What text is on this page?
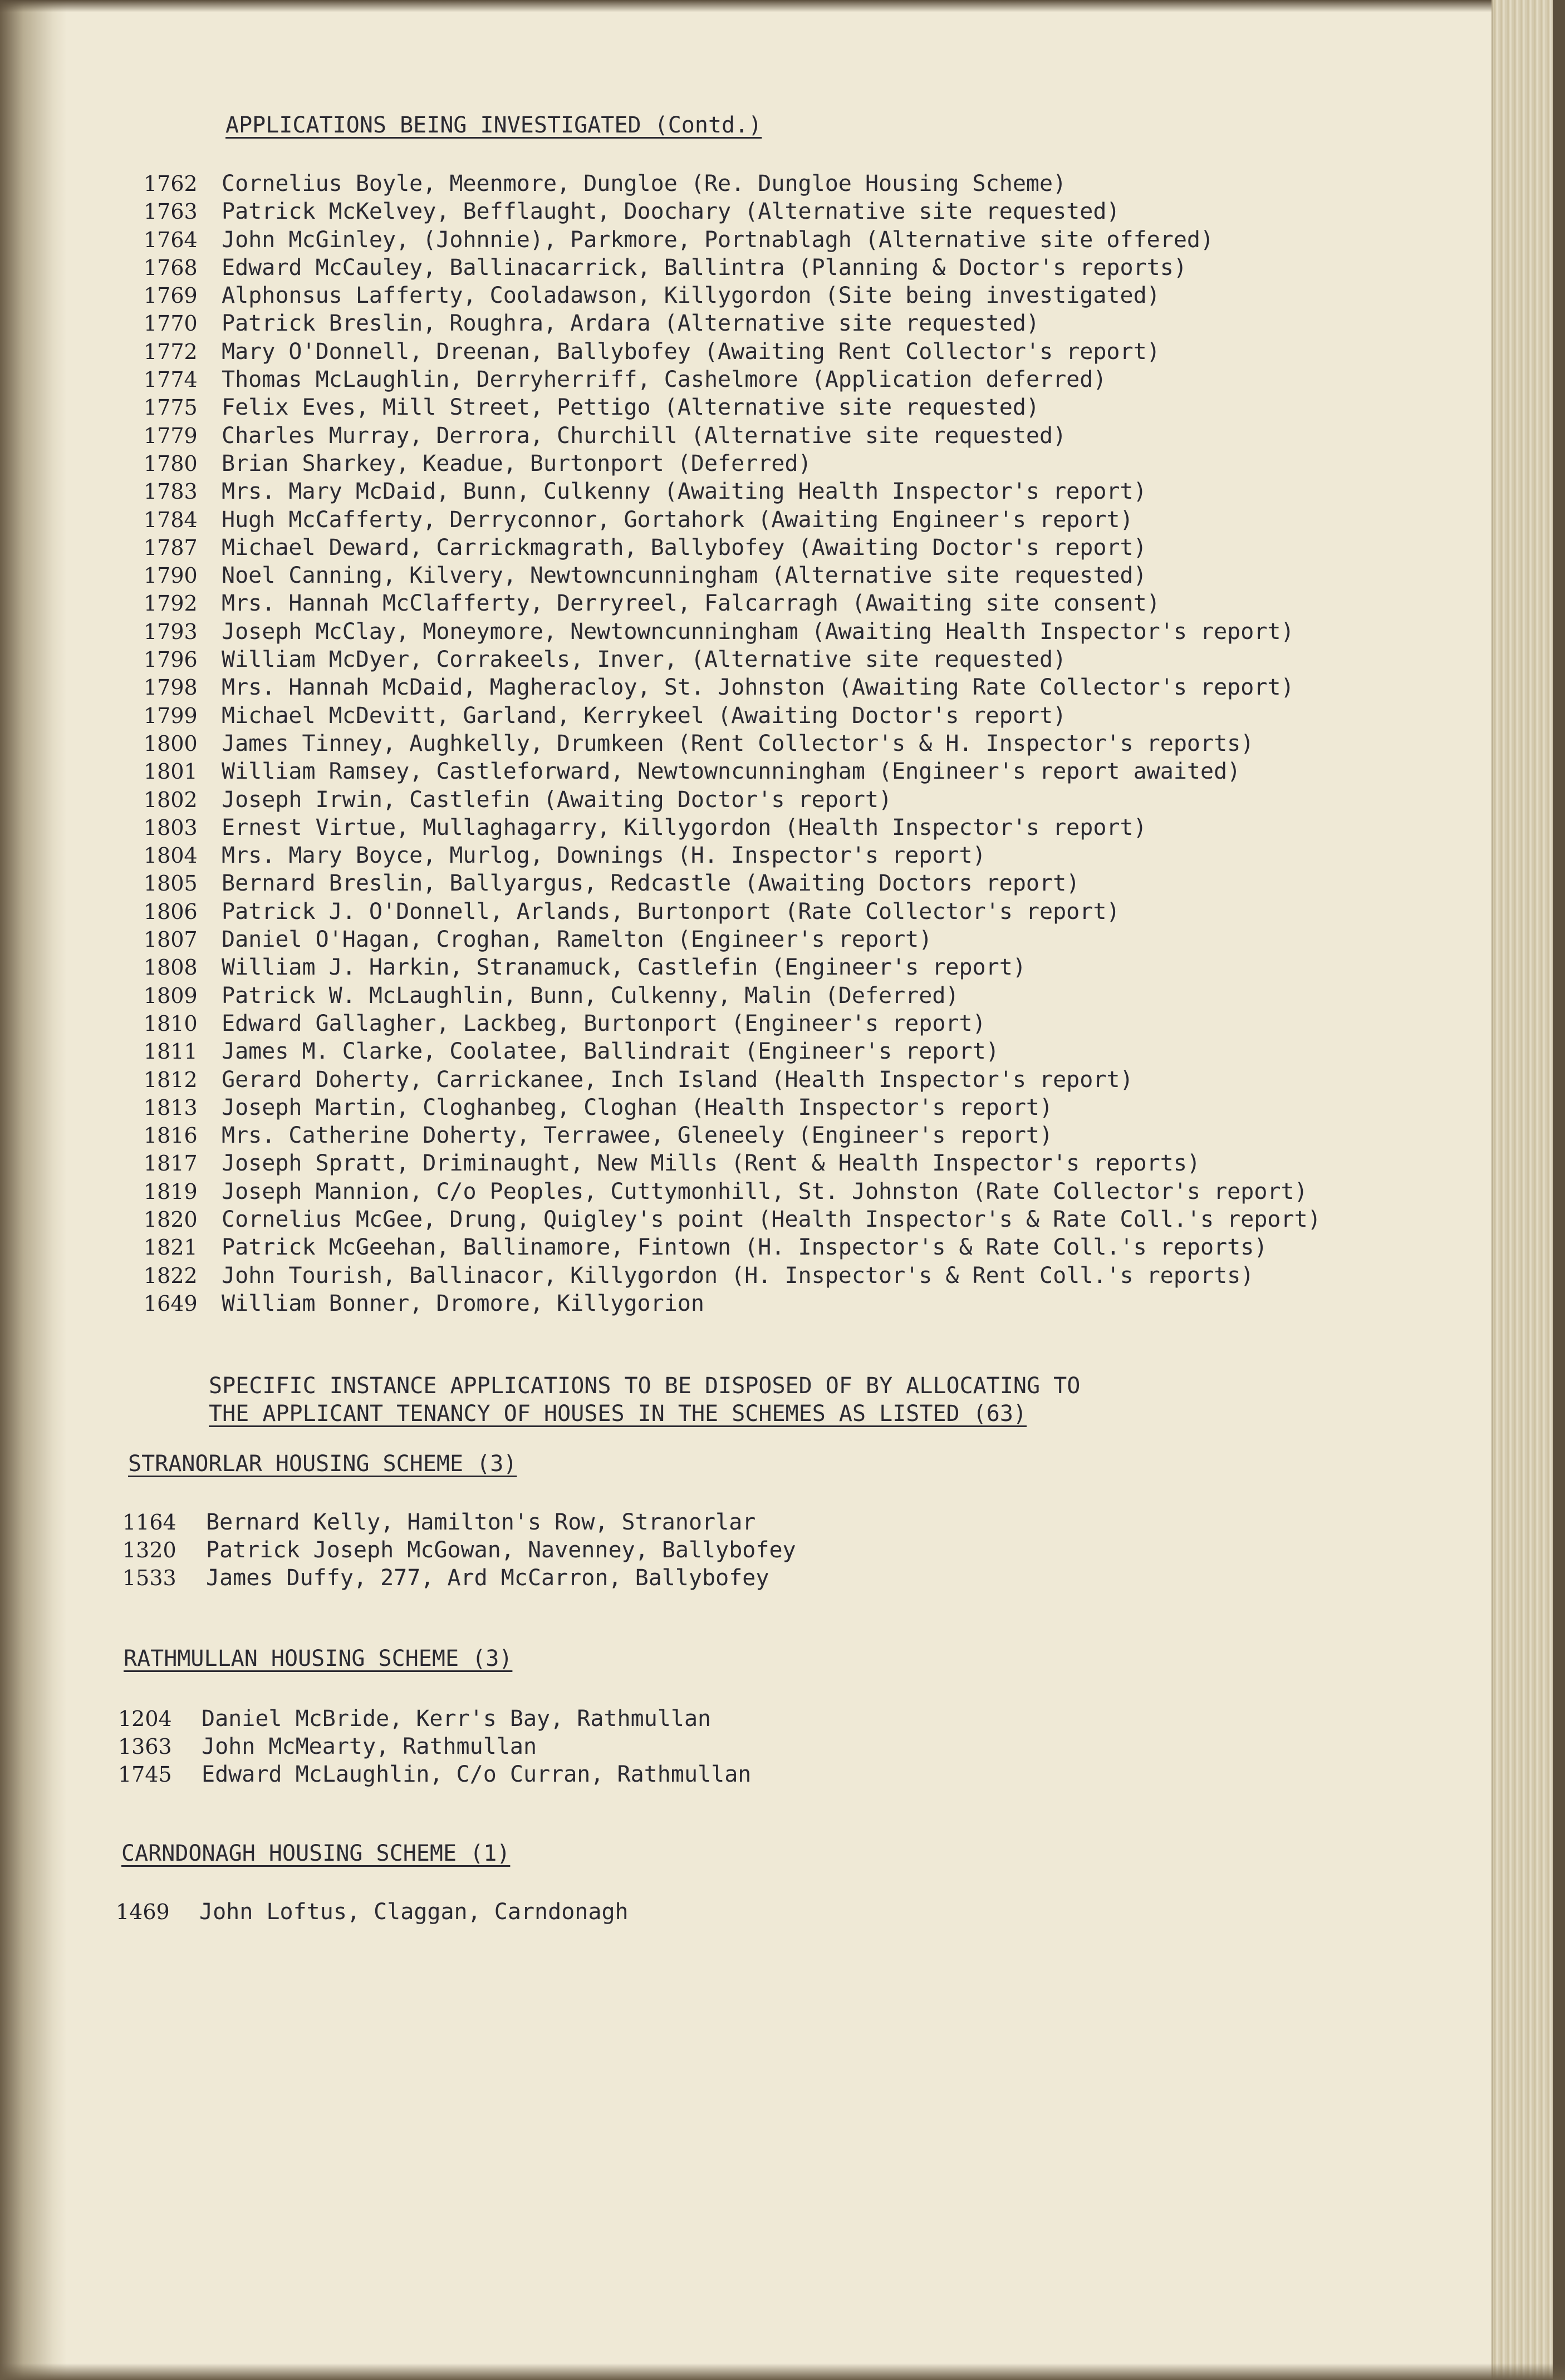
APPLICATIONS BEING INVESTIGATED (Contd.)
1762 Cornelius Boyle, Meenmore, Dungloe (Re. Dungloe Housing Scheme)
1763 Patrick McKelvey, Befflaught, Doochary (Alternative site requested)
1764 John McGinley, (Johnnie), Parkmore, Portnablagh (Alternative site offered)
1768 Edward McCauley, Ballinacarrick, Ballintra (Planning & Doctor's reports)
1769 Alphonsus Lafferty, Cooladawson, Killygordon (Site being investigated)
1770 Patrick Breslin, Roughra, Ardara (Alternative site requested)
1772 Mary O'Donnell, Dreenan, Ballybofey (Awaiting Rent Collector's report)
1774 Thomas McLaughlin, Derryherriff, Cashelmore (Application deferred)
1775 Felix Eves, Mill Street, Pettigo (Alternative site requested)
1779 Charles Murray, Derrora, Churchill (Alternative site requested)
1780 Brian Sharkey, Keadue, Burtonport (Deferred)
1783 Mrs. Mary McDaid, Bunn, Culkenny (Awaiting Health Inspector's report)
1784 Hugh McCafferty, Derryconnor, Gortahork (Awaiting Engineer's report)
1787 Michael Deward, Carrickmagrath, Ballybofey (Awaiting Doctor's report)
1790 Noel Canning, Kilvery, Newtowncunningham (Alternative site requested)
1792 Mrs. Hannah McClafferty, Derryreel, Falcarragh (Awaiting site consent)
1793 Joseph McClay, Moneymore, Newtowncunningham (Awaiting Health Inspector's report)
1796 William McDyer, Corrakeels, Inver, (Alternative site requested)
1798 Mrs. Hannah McDaid, Magheracloy, St. Johnston (Awaiting Rate Collector's report)
1799 Michael McDevitt, Garland, Kerrykeel (Awaiting Doctor's report)
1800 James Tinney, Aughkelly, Drumkeen (Rent Collector's & H. Inspector's reports)
1801 William Ramsey, Castleforward, Newtowncunningham (Engineer's report awaited)
1802 Joseph Irwin, Castlefin (Awaiting Doctor's report)
1803 Ernest Virtue, Mullaghagarry, Killygordon (Health Inspector's report)
1804 Mrs. Mary Boyce, Murlog, Downings (H. Inspector's report)
1805 Bernard Breslin, Ballyargus, Redcastle (Awaiting Doctors report)
1806 Patrick J. O'Donnell, Arlands, Burtonport (Rate Collector's report)
1807 Daniel O'Hagan, Croghan, Ramelton (Engineer's report)
1808 William J. Harkin, Stranamuck, Castlefin (Engineer's report)
1809 Patrick W. McLaughlin, Bunn, Culkenny, Malin (Deferred)
1810 Edward Gallagher, Lackbeg, Burtonport (Engineer's report)
1811 James M. Clarke, Coolatee, Ballindrait (Engineer's report)
1812 Gerard Doherty, Carrickanee, Inch Island (Health Inspector's report)
1813 Joseph Martin, Cloghanbeg, Cloghan (Health Inspector's report)
1816 Mrs. Catherine Doherty, Terrawee, Gleneely (Engineer's report)
1817 Joseph Spratt, Driminaught, New Mills (Rent & Health Inspector's reports)
1819 Joseph Mannion, C/o Peoples, Cuttymonhill, St. Johnston (Rate Collector's report)
1820 Cornelius McGee, Drung, Quigley's point (Health Inspector's & Rate Coll.'s report)
1821 Patrick McGeehan, Ballinamore, Fintown (H. Inspector's & Rate Coll.'s reports)
1822 John Tourish, Ballinacor, Killygordon (H. Inspector's & Rent Coll.'s reports)
1649 William Bonner, Dromore, Killygorion
SPECIFIC INSTANCE APPLICATIONS TO BE DISPOSED OF BY ALLOCATING TO
THE APPLICANT TENANCY OF HOUSES IN THE SCHEMES AS LISTED (63)
STRANORLAR HOUSING SCHEME (3)
1164 Bernard Kelly, Hamilton's Row, Stranorlar
1320 Patrick Joseph McGowan, Navenney, Ballybofey
1533 James Duffy, 277, Ard McCarron, Ballybofey
RATHMULLAN HOUSING SCHEME (3)
1204 Daniel McBride, Kerr's Bay, Rathmullan
1363 John McMearty, Rathmullan
1745 Edward McLaughlin, C/o Curran, Rathmullan
CARNDONAGH HOUSING SCHEME (1)
1469 John Loftus, Claggan, Carndonagh
